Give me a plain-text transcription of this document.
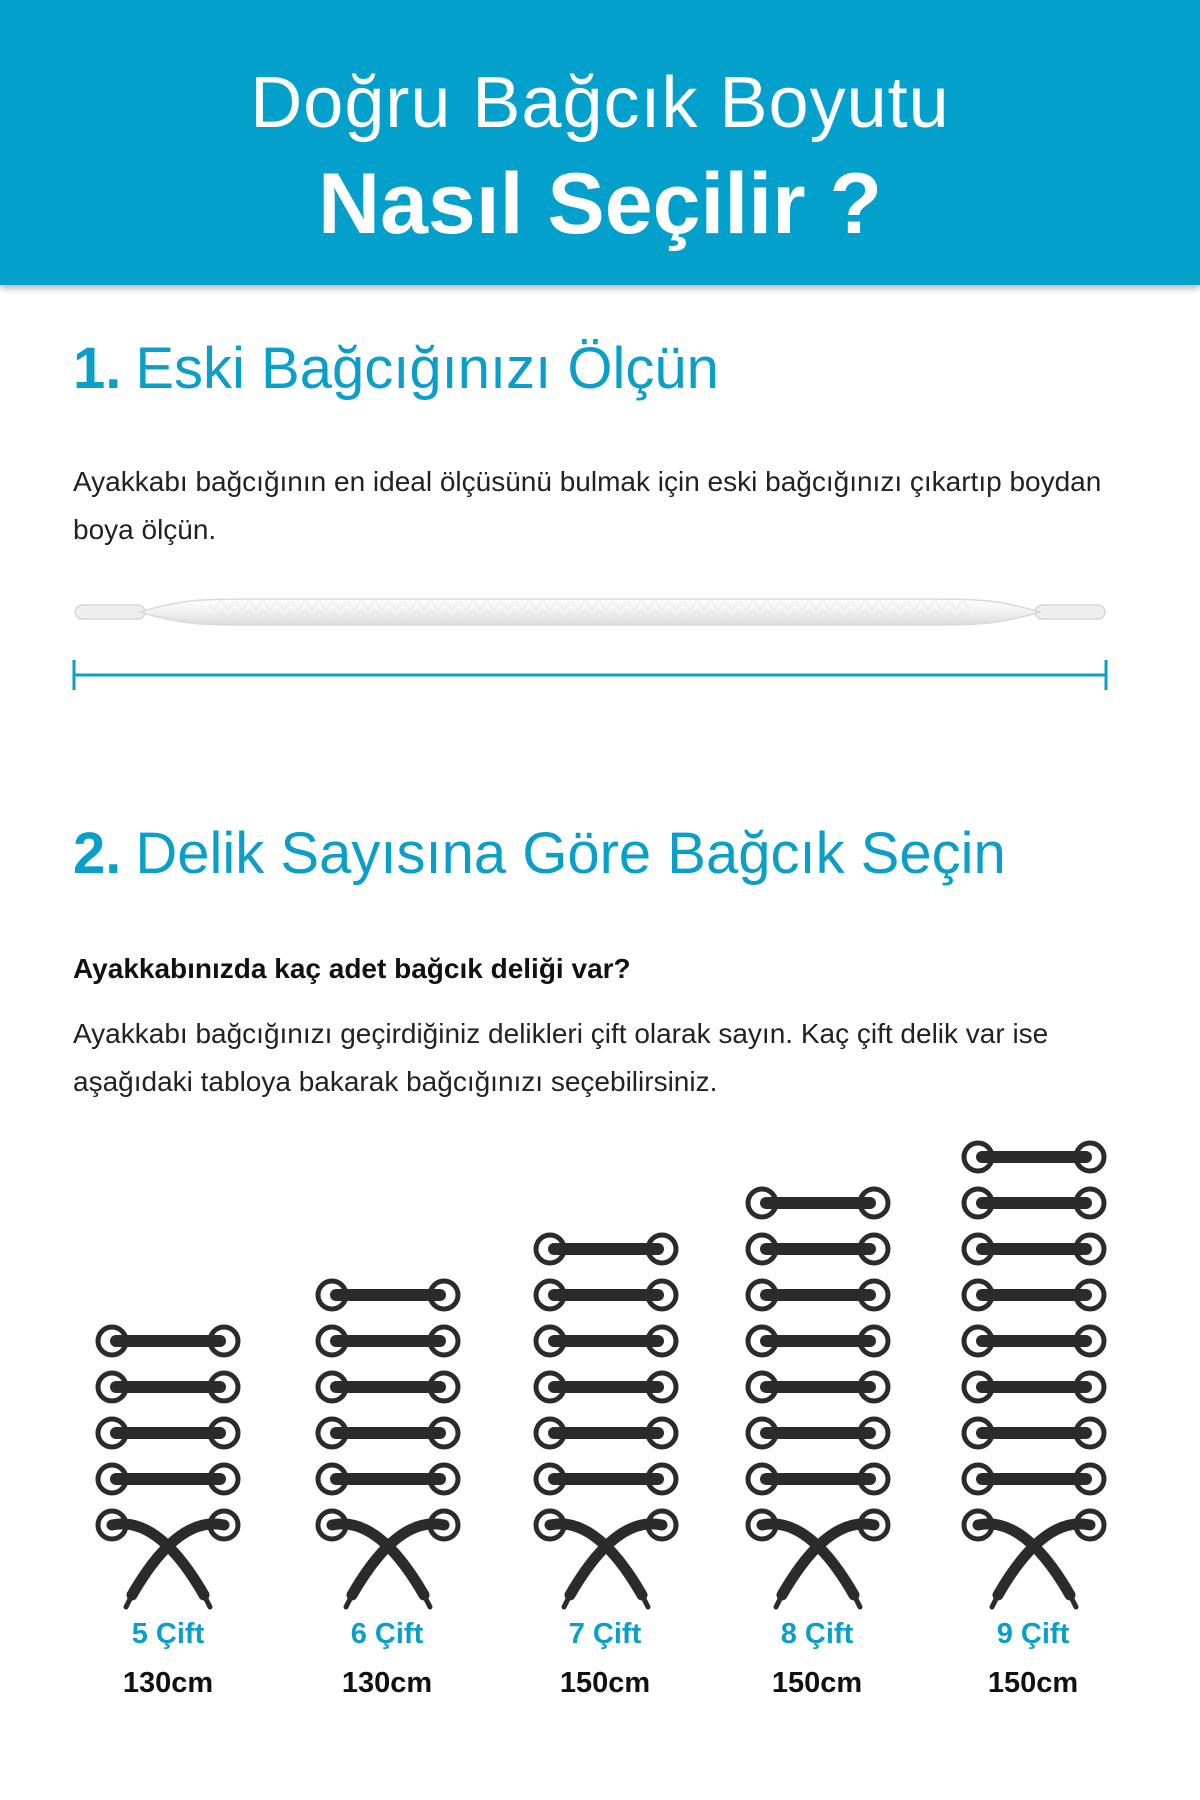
Doğru Bağcık Boyutu
Nasıl Seçilir ?
1. Eski Bağcığınızı Ölçün
Ayakkabı bağcığının en ideal ölçüsünü bulmak için eski bağcığınızı çıkartıp boydan boya ölçün.
2. Delik Sayısına Göre Bağcık Seçin
Ayakkabınızda kaç adet bağcık deliği var?
Ayakkabı bağcığınızı geçirdiğiniz delikleri çift olarak sayın. Kaç çift delik var ise aşağıdaki tabloya bakarak bağcığınızı seçebilirsiniz.
5 Çift
130cm
6 Çift
130cm
7 Çift
150cm
8 Çift
150cm
9 Çift
150cm
